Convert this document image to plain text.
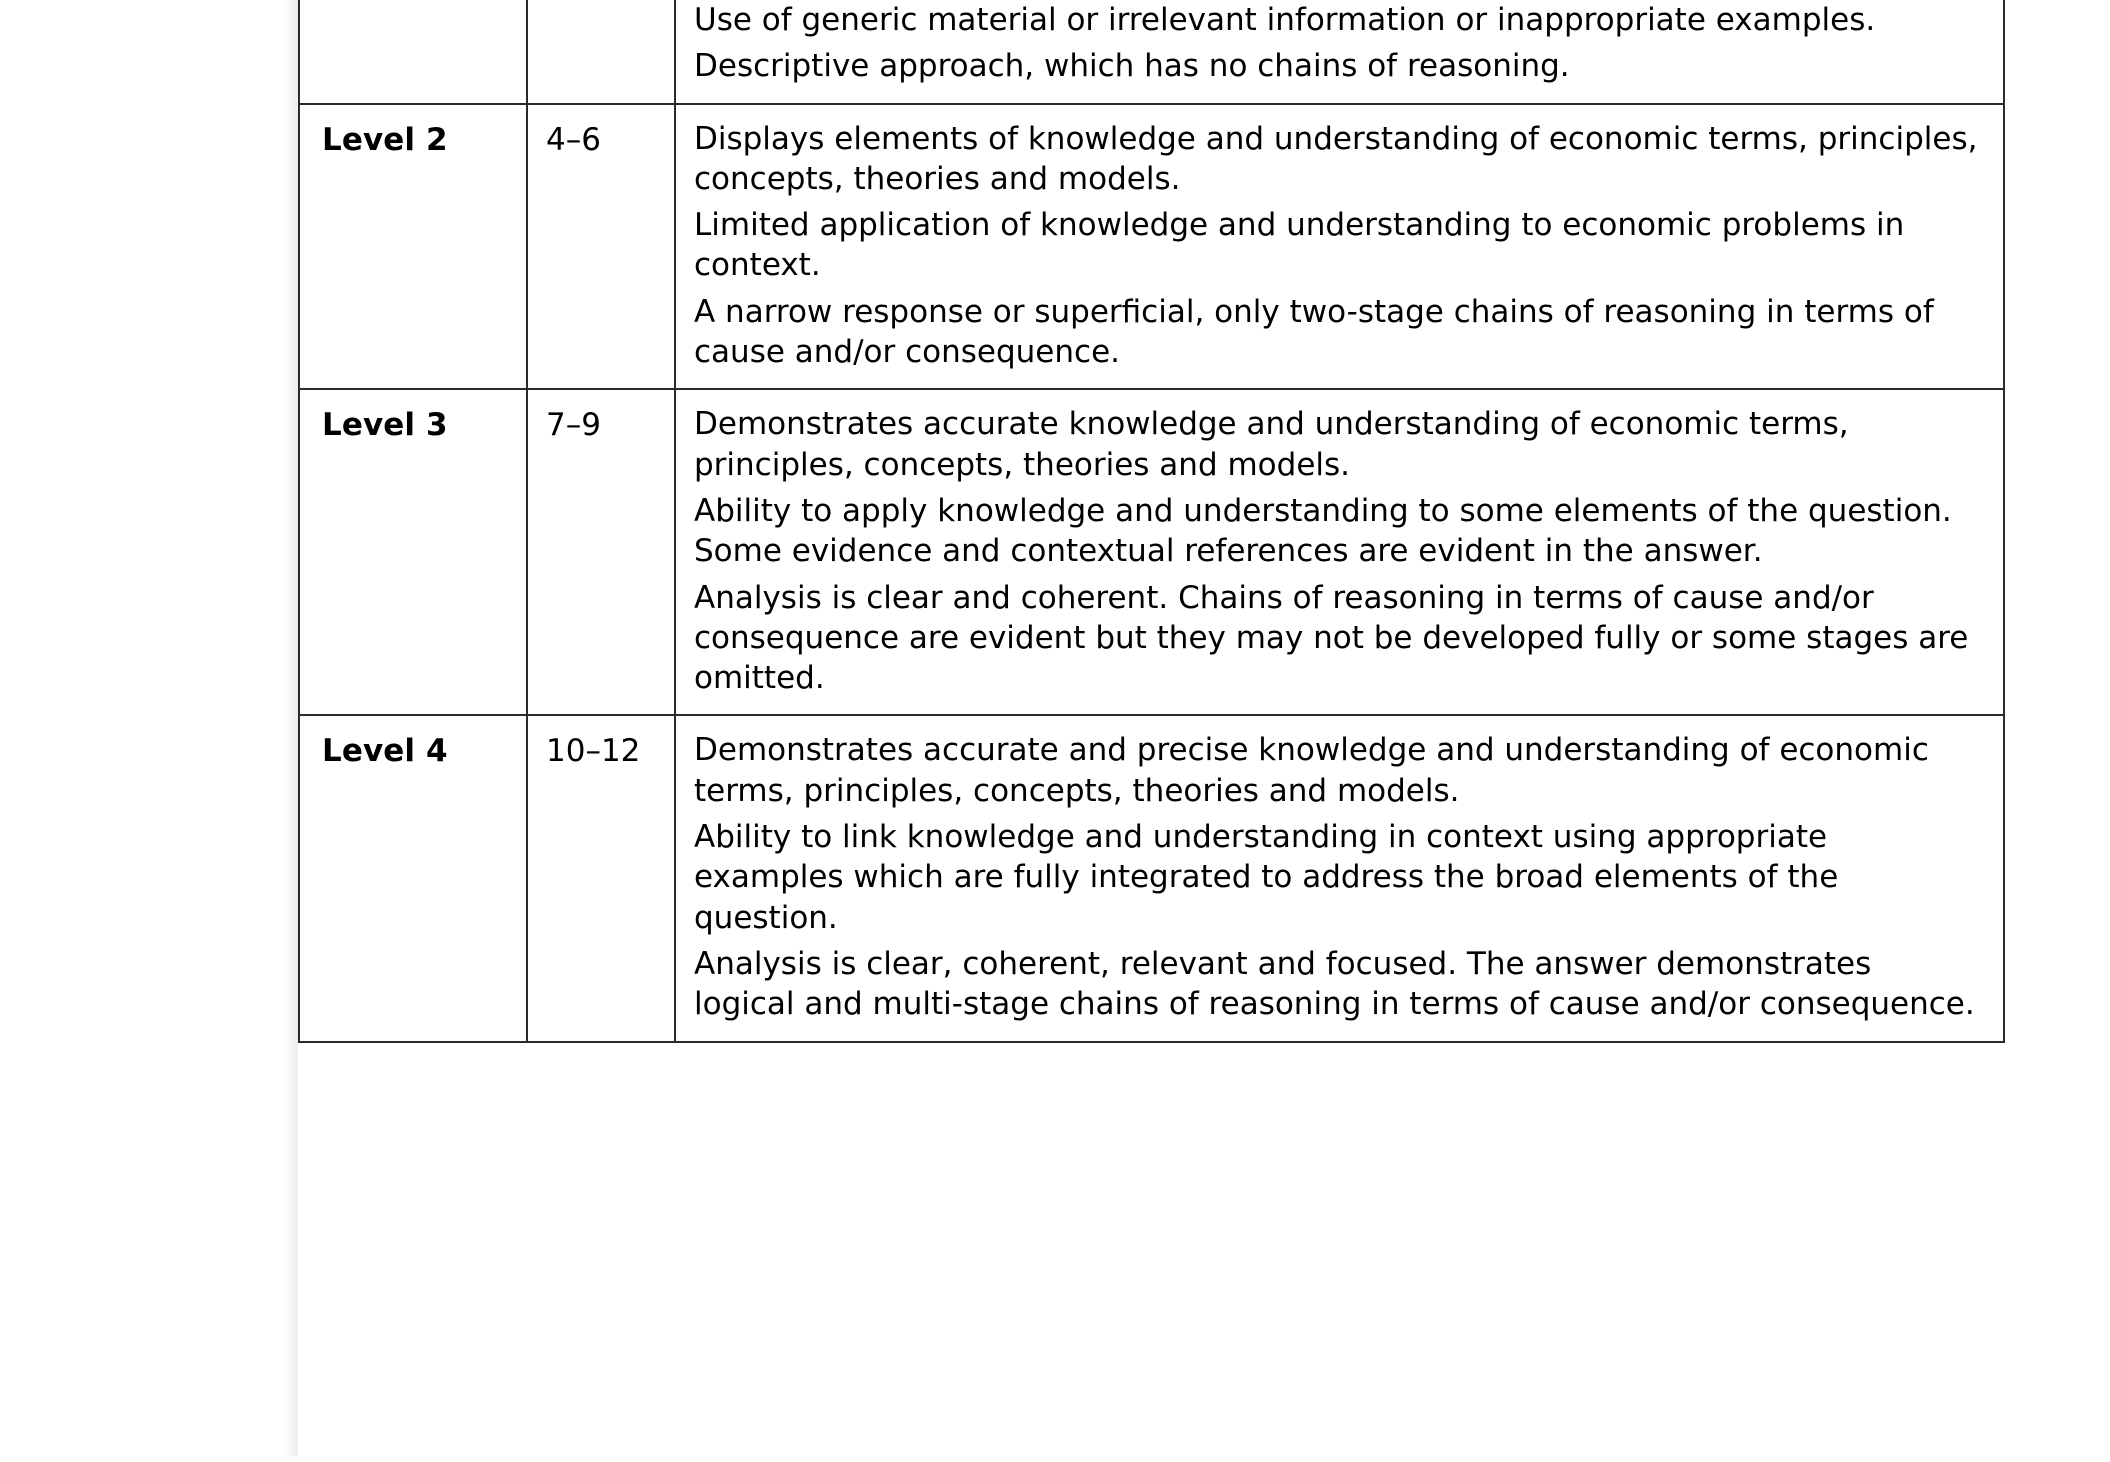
		Use of generic material or irrelevant information or inappropriate examples.

Descriptive approach, which has no chains of reasoning.

Level 2	4–6	Displays elements of knowledge and understanding of economic terms, principles, concepts, theories and models.

Limited application of knowledge and understanding to economic problems in context.

A narrow response or superficial, only two-stage chains of reasoning in terms of cause and/or consequence.

Level 3	7–9	Demonstrates accurate knowledge and understanding of economic terms, principles, concepts, theories and models.

Ability to apply knowledge and understanding to some elements of the question. Some evidence and contextual references are evident in the answer.

Analysis is clear and coherent. Chains of reasoning in terms of cause and/or consequence are evident but they may not be developed fully or some stages are omitted.

Level 4	10–12	Demonstrates accurate and precise knowledge and understanding of economic terms, principles, concepts, theories and models.

Ability to link knowledge and understanding in context using appropriate examples which are fully integrated to address the broad elements of the question.

Analysis is clear, coherent, relevant and focused. The answer demonstrates logical and multi-stage chains of reasoning in terms of cause and/or consequence.
